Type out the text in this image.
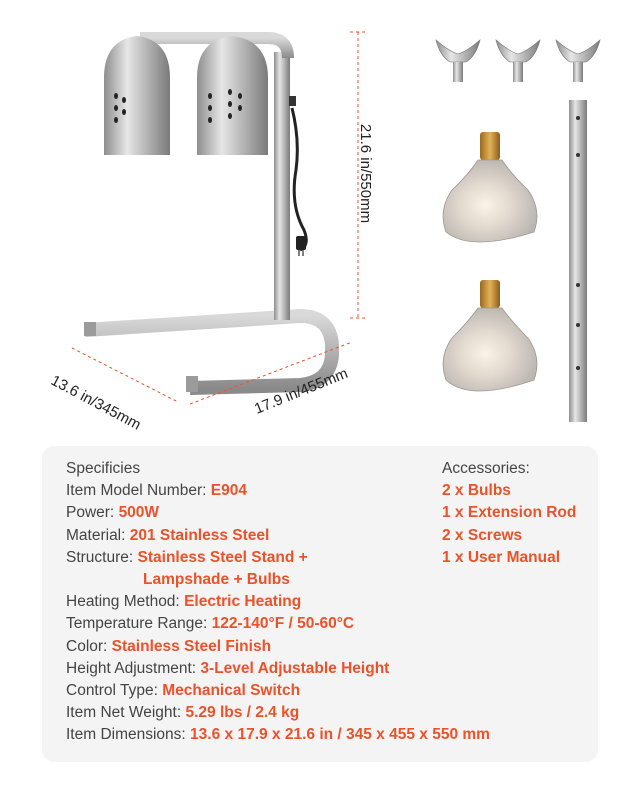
21.6 in/550mm
13.6 in/345mm	17.9 in/455mm
Specificies
Item Model Number: E904
Power: 500W
Material: 201 Stainless Steel
Structure: Stainless Steel Stand +
Lampshade + Bulbs
Heating Method: Electric Heating
Temperature Range: 122-140°F / 50-60°C
Color: Stainless Steel Finish
Height Adjustment: 3-Level Adjustable Height
Control Type: Mechanical Switch
Item Net Weight: 5.29 lbs / 2.4 kg
Item Dimensions: 13.6 x 17.9 x 21.6 in / 345 x 455 x 550 mm
Accessories:
2 x Bulbs
1 x Extension Rod
2 x Screws
1 x User Manual
